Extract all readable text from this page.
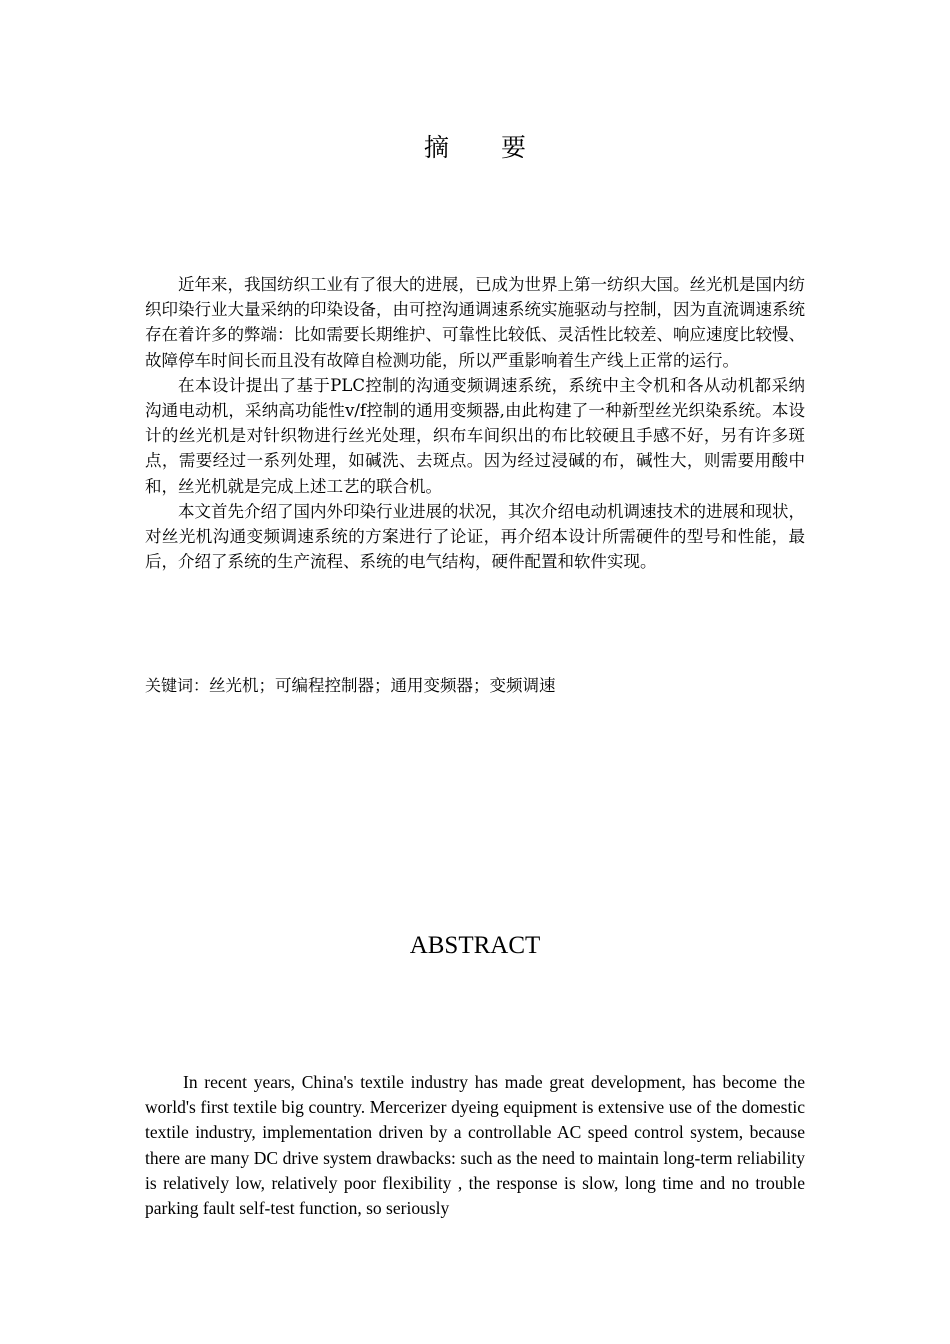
摘 要

近年来，我国纺织工业有了很大的进展，已成为世界上第一纺织大国。丝光机是国内纺织印染行业大量采纳的印染设备，由可控沟通调速系统实施驱动与控制，因为直流调速系统存在着许多的弊端：比如需要长期维护、可靠性比较低、灵活性比较差、响应速度比较慢、故障停车时间长而且没有故障自检测功能，所以严重影响着生产线上正常的运行。

在本设计提出了基于PLC控制的沟通变频调速系统，系统中主令机和各从动机都采纳沟通电动机，采纳高功能性v/f控制的通用变频器,由此构建了一种新型丝光织染系统。本设计的丝光机是对针织物进行丝光处理，织布车间织出的布比较硬且手感不好，另有许多斑点，需要经过一系列处理，如碱洗、去斑点。因为经过浸碱的布，碱性大，则需要用酸中和，丝光机就是完成上述工艺的联合机。

本文首先介绍了国内外印染行业进展的状况，其次介绍电动机调速技术的进展和现状，对丝光机沟通变频调速系统的方案进行了论证，再介绍本设计所需硬件的型号和性能，最后，介绍了系统的生产流程、系统的电气结构，硬件配置和软件实现。

关键词：丝光机；可编程控制器；通用变频器；变频调速
ABSTRACT

In recent years, China's textile industry has made great development, has become the world's first textile big country. Mercerizer dyeing equipment is extensive use of the domestic textile industry, implementation driven by a controllable AC speed control system, because there are many DC drive system drawbacks: such as the need to maintain long-term reliability is relatively low, relatively poor flexibility , the response is slow, long time and no trouble parking fault self-test function, so seriously
